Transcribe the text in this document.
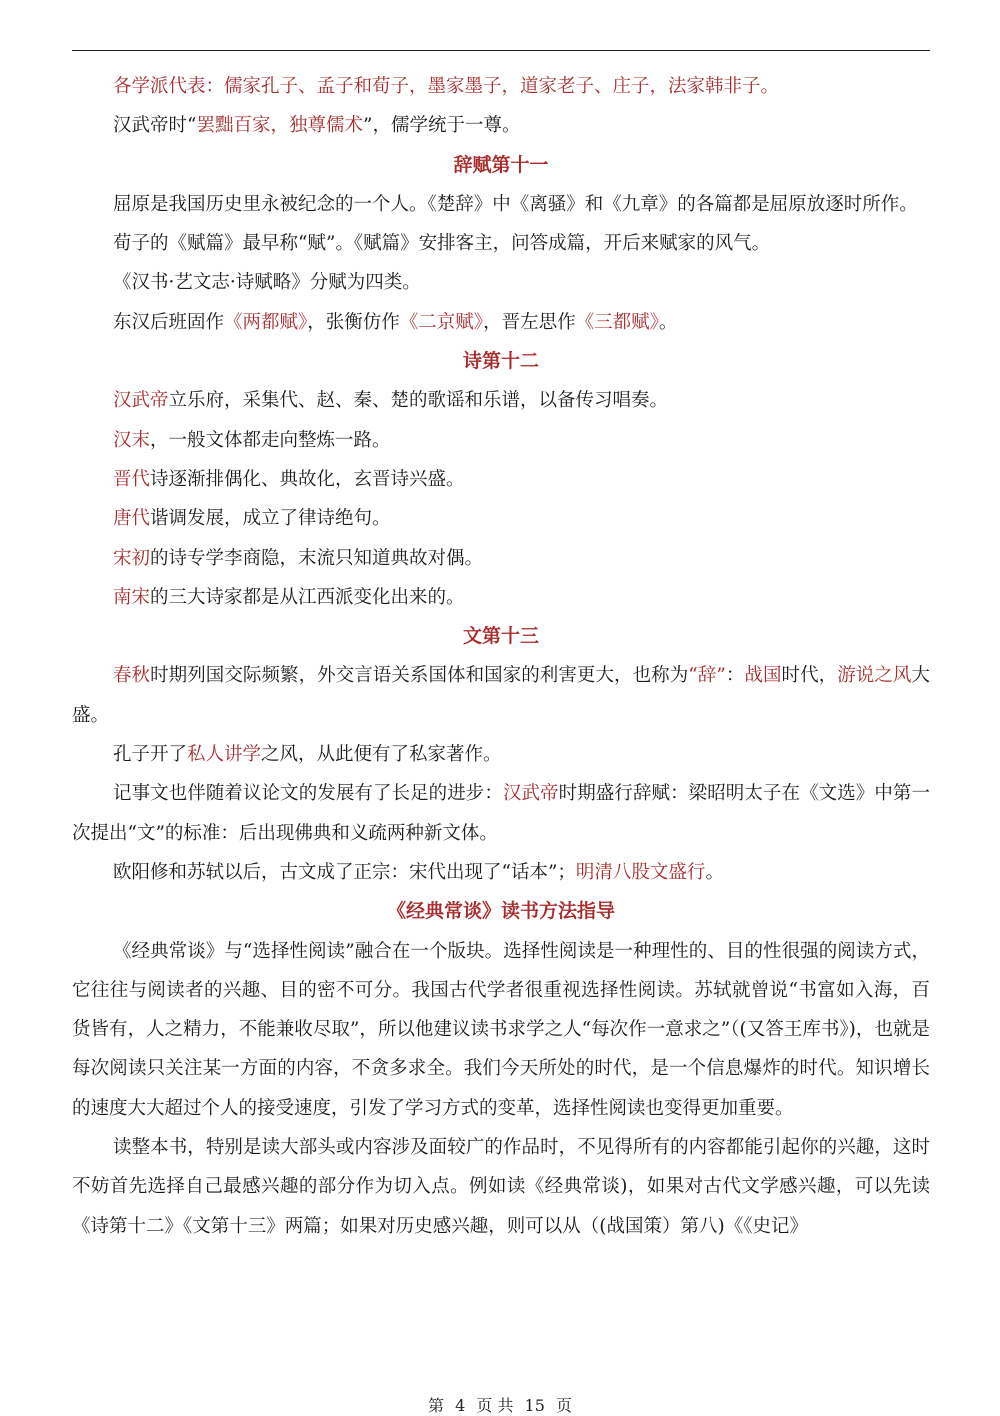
各学派代表：儒家孔子、孟子和荀子，墨家墨子，道家老子、庄子，法家韩非子。

汉武帝时“罢黜百家，独尊儒术”，儒学统于一尊。

辞赋第十一

屈原是我国历史里永被纪念的一个人。《楚辞》中《离骚》和《九章》的各篇都是屈原放逐时所作。

荀子的《赋篇》最早称“赋”。《赋篇》安排客主，问答成篇，开后来赋家的风气。

《汉书·艺文志·诗赋略》分赋为四类。

东汉后班固作《两都赋》，张衡仿作《二京赋》，晋左思作《三都赋》。

诗第十二

汉武帝立乐府，采集代、赵、秦、楚的歌谣和乐谱，以备传习唱奏。

汉末，一般文体都走向整炼一路。

晋代诗逐渐排偶化、典故化，玄晋诗兴盛。

唐代谐调发展，成立了律诗绝句。

宋初的诗专学李商隐，末流只知道典故对偶。

南宋的三大诗家都是从江西派变化出来的。

文第十三

春秋时期列国交际频繁，外交言语关系国体和国家的利害更大，也称为“辞”：战国时代，游说之风大盛。

孔子开了私人讲学之风，从此便有了私家著作。

记事文也伴随着议论文的发展有了长足的进步：汉武帝时期盛行辞赋：梁昭明太子在《文选》中第一次提出“文”的标准：后出现佛典和义疏两种新文体。

欧阳修和苏轼以后，古文成了正宗：宋代出现了“话本”；明清八股文盛行。

《经典常谈》读书方法指导

《经典常谈》与“选择性阅读”融合在一个版块。选择性阅读是一种理性的、目的性很强的阅读方式，它往往与阅读者的兴趣、目的密不可分。我国古代学者很重视选择性阅读。苏轼就曾说“书富如入海，百货皆有，人之精力，不能兼收尽取”，所以他建议读书求学之人“每次作一意求之”（(又答王库书》)，也就是每次阅读只关注某一方面的内容，不贪多求全。我们今天所处的时代，是一个信息爆炸的时代。知识增长的速度大大超过个人的接受速度，引发了学习方式的变革，选择性阅读也变得更加重要。

读整本书，特别是读大部头或内容涉及面较广的作品时，不见得所有的内容都能引起你的兴趣，这时不妨首先选择自己最感兴趣的部分作为切入点。例如读《经典常谈)，如果对古代文学感兴趣，可以先读《诗第十二》《文第十三》两篇；如果对历史感兴趣，则可以从（(战国策）第八)《《史记》

第 4 页 共 15 页
